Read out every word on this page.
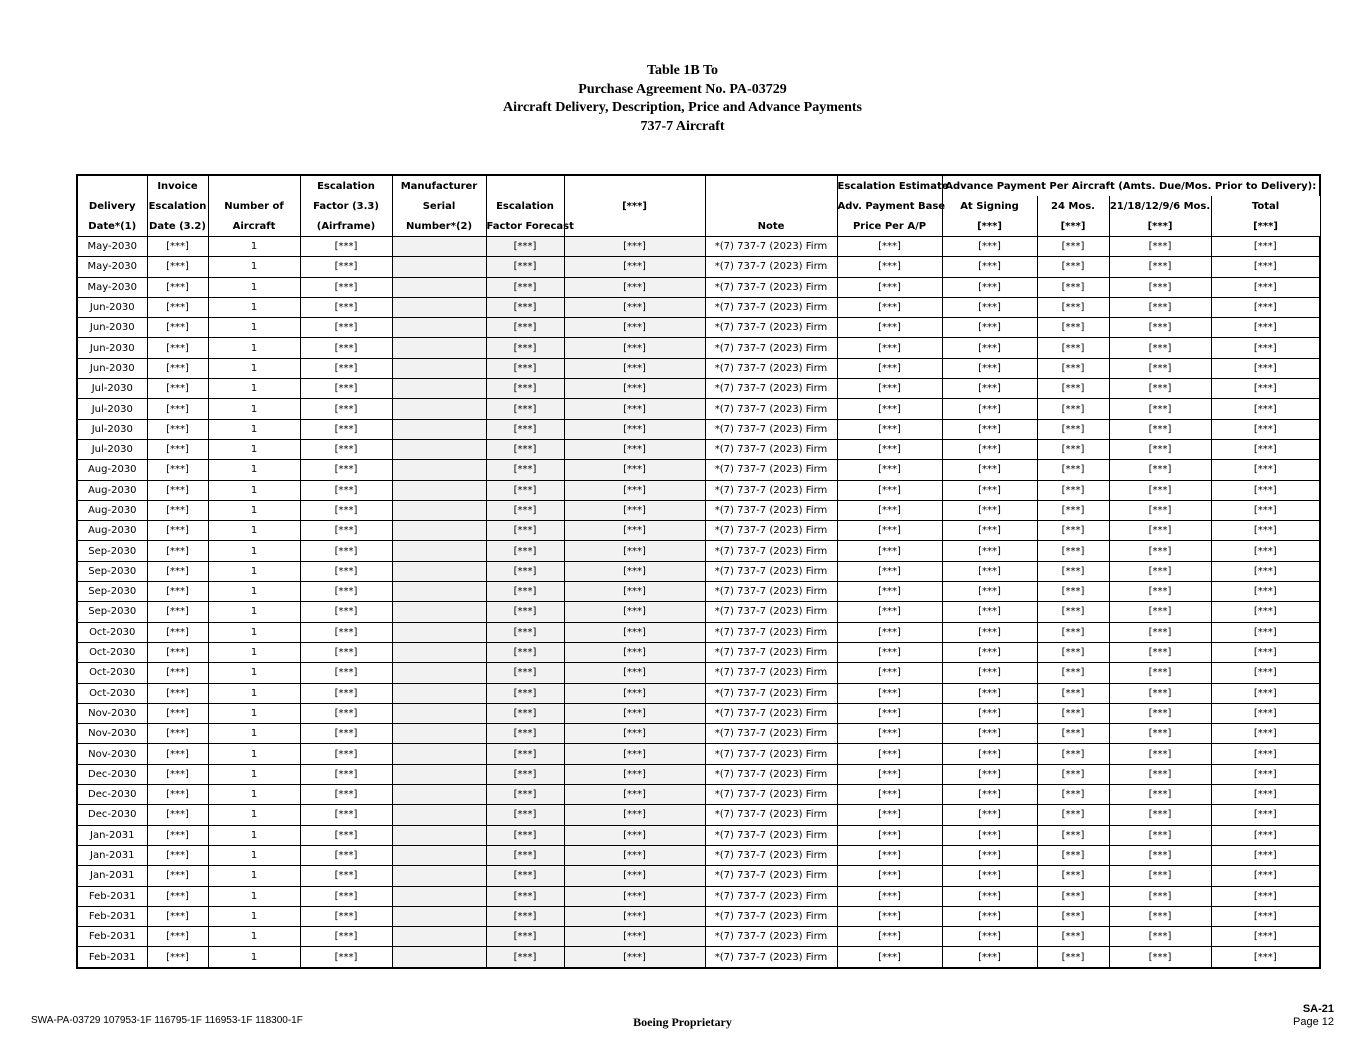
Table 1B To
Purchase Agreement No. PA-03729
Aircraft Delivery, Description, Price and Advance Payments
737-7 Aircraft
	Invoice		Escalation	Manufacturer				Escalation Estimate	Advance Payment Per Aircraft (Amts. Due/Mos. Prior to Delivery):			
Delivery	Escalation	Number of	Factor (3.3)	Serial	Escalation	[***]		Adv. Payment Base	At Signing	24 Mos.	21/18/12/9/6 Mos.	Total
Date*(1)	Date (3.2)	Aircraft	(Airframe)	Number*(2)	Factor Forecast		Note	Price Per A/P	[***]	[***]	[***]	[***]
May-2030	[***]	1	[***]		[***]	[***]	*(7) 737-7 (2023) Firm	[***]	[***]	[***]	[***]	[***]
May-2030	[***]	1	[***]		[***]	[***]	*(7) 737-7 (2023) Firm	[***]	[***]	[***]	[***]	[***]
May-2030	[***]	1	[***]		[***]	[***]	*(7) 737-7 (2023) Firm	[***]	[***]	[***]	[***]	[***]
Jun-2030	[***]	1	[***]		[***]	[***]	*(7) 737-7 (2023) Firm	[***]	[***]	[***]	[***]	[***]
Jun-2030	[***]	1	[***]		[***]	[***]	*(7) 737-7 (2023) Firm	[***]	[***]	[***]	[***]	[***]
Jun-2030	[***]	1	[***]		[***]	[***]	*(7) 737-7 (2023) Firm	[***]	[***]	[***]	[***]	[***]
Jun-2030	[***]	1	[***]		[***]	[***]	*(7) 737-7 (2023) Firm	[***]	[***]	[***]	[***]	[***]
Jul-2030	[***]	1	[***]		[***]	[***]	*(7) 737-7 (2023) Firm	[***]	[***]	[***]	[***]	[***]
Jul-2030	[***]	1	[***]		[***]	[***]	*(7) 737-7 (2023) Firm	[***]	[***]	[***]	[***]	[***]
Jul-2030	[***]	1	[***]		[***]	[***]	*(7) 737-7 (2023) Firm	[***]	[***]	[***]	[***]	[***]
Jul-2030	[***]	1	[***]		[***]	[***]	*(7) 737-7 (2023) Firm	[***]	[***]	[***]	[***]	[***]
Aug-2030	[***]	1	[***]		[***]	[***]	*(7) 737-7 (2023) Firm	[***]	[***]	[***]	[***]	[***]
Aug-2030	[***]	1	[***]		[***]	[***]	*(7) 737-7 (2023) Firm	[***]	[***]	[***]	[***]	[***]
Aug-2030	[***]	1	[***]		[***]	[***]	*(7) 737-7 (2023) Firm	[***]	[***]	[***]	[***]	[***]
Aug-2030	[***]	1	[***]		[***]	[***]	*(7) 737-7 (2023) Firm	[***]	[***]	[***]	[***]	[***]
Sep-2030	[***]	1	[***]		[***]	[***]	*(7) 737-7 (2023) Firm	[***]	[***]	[***]	[***]	[***]
Sep-2030	[***]	1	[***]		[***]	[***]	*(7) 737-7 (2023) Firm	[***]	[***]	[***]	[***]	[***]
Sep-2030	[***]	1	[***]		[***]	[***]	*(7) 737-7 (2023) Firm	[***]	[***]	[***]	[***]	[***]
Sep-2030	[***]	1	[***]		[***]	[***]	*(7) 737-7 (2023) Firm	[***]	[***]	[***]	[***]	[***]
Oct-2030	[***]	1	[***]		[***]	[***]	*(7) 737-7 (2023) Firm	[***]	[***]	[***]	[***]	[***]
Oct-2030	[***]	1	[***]		[***]	[***]	*(7) 737-7 (2023) Firm	[***]	[***]	[***]	[***]	[***]
Oct-2030	[***]	1	[***]		[***]	[***]	*(7) 737-7 (2023) Firm	[***]	[***]	[***]	[***]	[***]
Oct-2030	[***]	1	[***]		[***]	[***]	*(7) 737-7 (2023) Firm	[***]	[***]	[***]	[***]	[***]
Nov-2030	[***]	1	[***]		[***]	[***]	*(7) 737-7 (2023) Firm	[***]	[***]	[***]	[***]	[***]
Nov-2030	[***]	1	[***]		[***]	[***]	*(7) 737-7 (2023) Firm	[***]	[***]	[***]	[***]	[***]
Nov-2030	[***]	1	[***]		[***]	[***]	*(7) 737-7 (2023) Firm	[***]	[***]	[***]	[***]	[***]
Dec-2030	[***]	1	[***]		[***]	[***]	*(7) 737-7 (2023) Firm	[***]	[***]	[***]	[***]	[***]
Dec-2030	[***]	1	[***]		[***]	[***]	*(7) 737-7 (2023) Firm	[***]	[***]	[***]	[***]	[***]
Dec-2030	[***]	1	[***]		[***]	[***]	*(7) 737-7 (2023) Firm	[***]	[***]	[***]	[***]	[***]
Jan-2031	[***]	1	[***]		[***]	[***]	*(7) 737-7 (2023) Firm	[***]	[***]	[***]	[***]	[***]
Jan-2031	[***]	1	[***]		[***]	[***]	*(7) 737-7 (2023) Firm	[***]	[***]	[***]	[***]	[***]
Jan-2031	[***]	1	[***]		[***]	[***]	*(7) 737-7 (2023) Firm	[***]	[***]	[***]	[***]	[***]
Feb-2031	[***]	1	[***]		[***]	[***]	*(7) 737-7 (2023) Firm	[***]	[***]	[***]	[***]	[***]
Feb-2031	[***]	1	[***]		[***]	[***]	*(7) 737-7 (2023) Firm	[***]	[***]	[***]	[***]	[***]
Feb-2031	[***]	1	[***]		[***]	[***]	*(7) 737-7 (2023) Firm	[***]	[***]	[***]	[***]	[***]
Feb-2031	[***]	1	[***]		[***]	[***]	*(7) 737-7 (2023) Firm	[***]	[***]	[***]	[***]	[***]
SWA-PA-03729 107953-1F 116795-1F 116953-1F 118300-1F	Boeing Proprietary
SA-21
Page 12
